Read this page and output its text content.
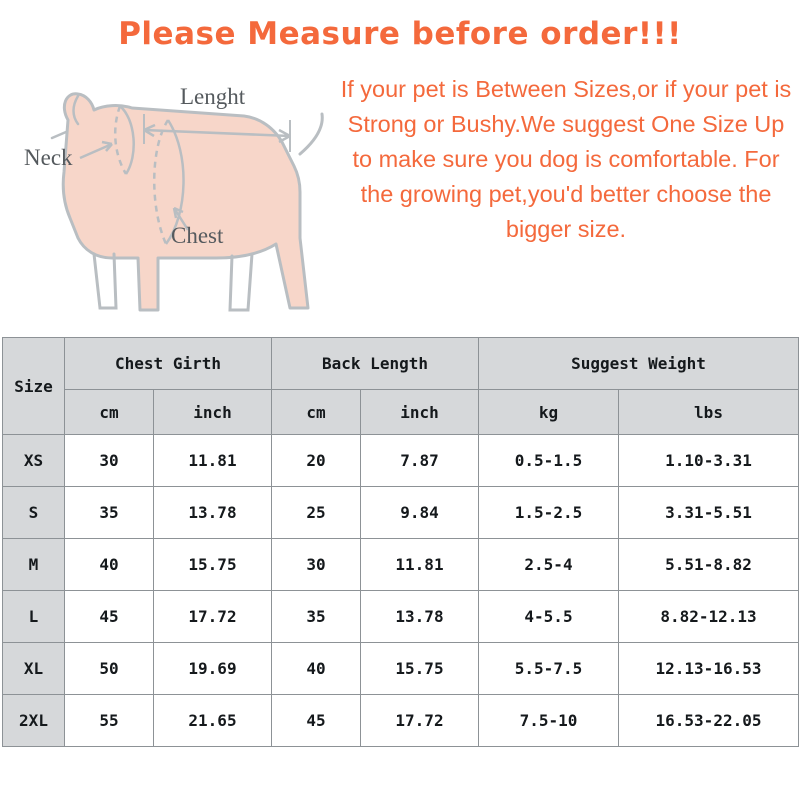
Please Measure before order!!!
Lenght
Neck
Chest
If your pet is Between Sizes,or if your pet is Strong or Bushy.We suggest One Size Up to make sure you dog is comfortable. For the growing pet,you'd better choose the bigger size.
Size	Chest Girth		Back Length		Suggest Weight	
	cm	inch	cm	inch	kg	lbs
XS	30	11.81	20	7.87	0.5-1.5	1.10-3.31
S	35	13.78	25	9.84	1.5-2.5	3.31-5.51
M	40	15.75	30	11.81	2.5-4	5.51-8.82
L	45	17.72	35	13.78	4-5.5	8.82-12.13
XL	50	19.69	40	15.75	5.5-7.5	12.13-16.53
2XL	55	21.65	45	17.72	7.5-10	16.53-22.05
